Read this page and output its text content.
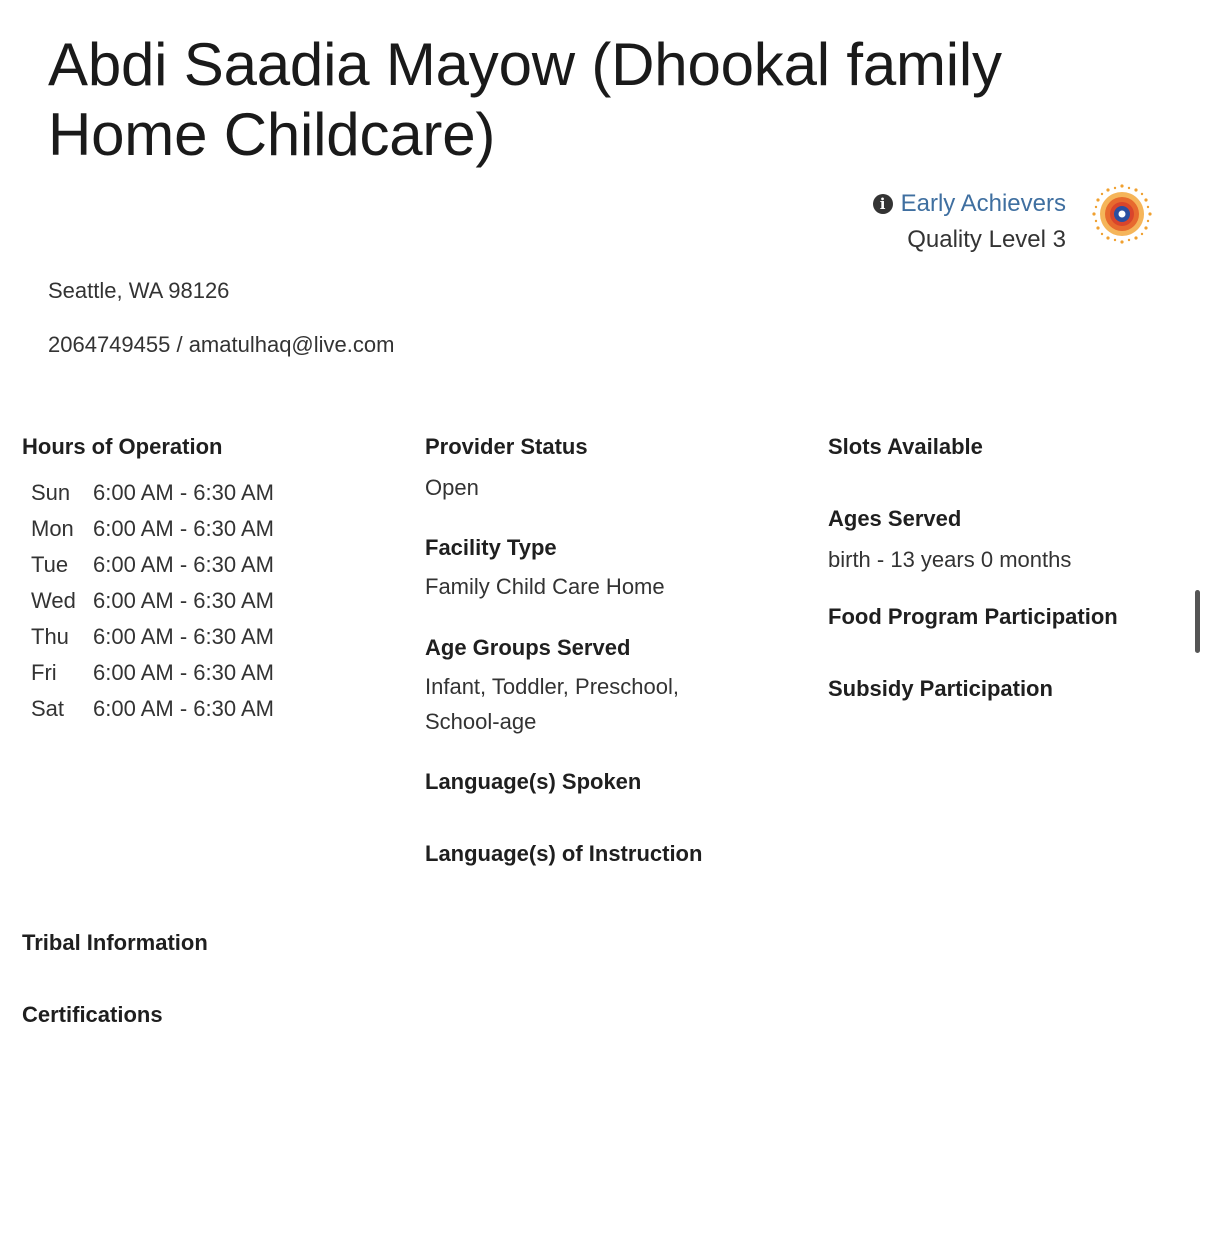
Abdi Saadia Mayow (Dhookal family Home Childcare)
i Early Achievers
Quality Level 3
Seattle, WA 98126
2064749455 / amatulhaq@live.com

Hours of Operation

Sun	6:00 AM - 6:30 AM
Mon 6:00 AM - 6:30 AM
Tue	6:00 AM - 6:30 AM
Wed 6:00 AM - 6:30 AM
Thu	6:00 AM - 6:30 AM
Fri	6:00 AM - 6:30 AM
Sat	6:00 AM - 6:30 AM

Provider Status

Open

Facility Type

Family Child Care Home

Age Groups Served

Infant, Toddler, Preschool,

School-age

Language(s) Spoken

Language(s) of Instruction

Slots Available

Ages Served

birth - 13 years 0 months

Food Program Participation

Subsidy Participation

Tribal Information
Certifications
